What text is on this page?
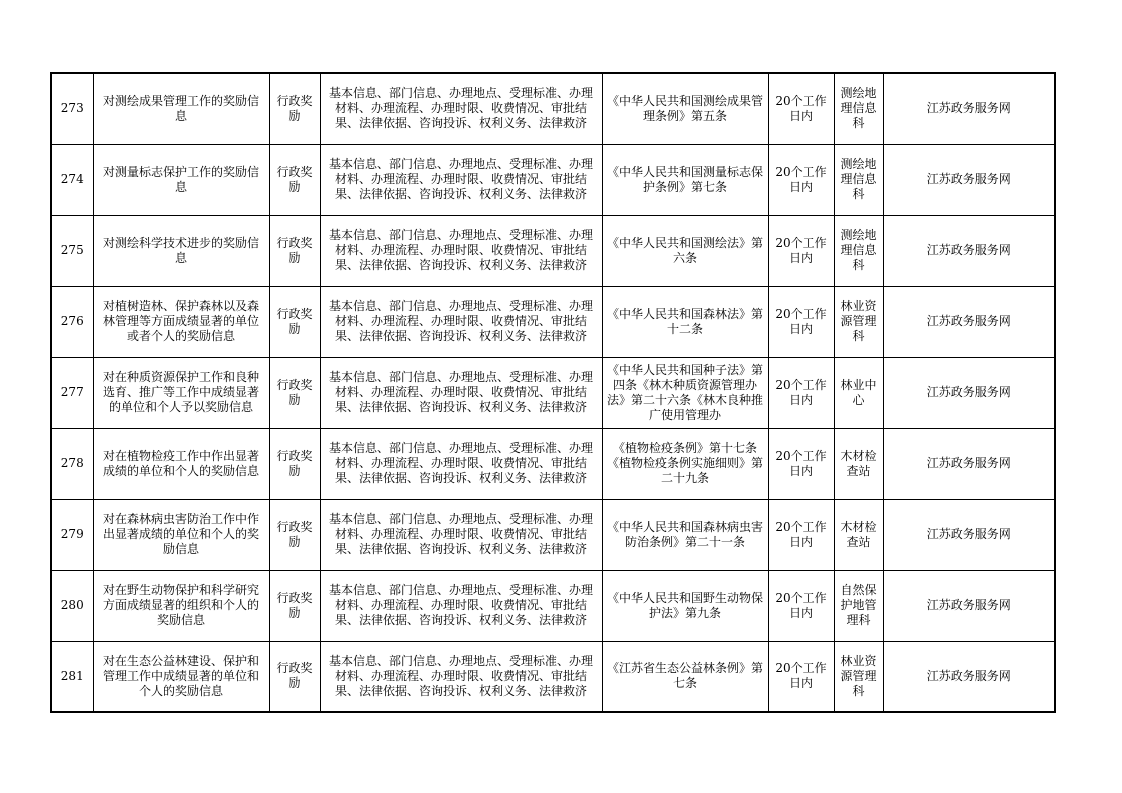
273	对测绘成果管理工作的奖励信息	行政奖励	基本信息、部门信息、办理地点、受理标准、办理材料、办理流程、办理时限、收费情况、审批结果、法律依据、咨询投诉、权利义务、法律救济	《中华人民共和国测绘成果管理条例》第五条	20个工作日内	测绘地理信息科	江苏政务服务网

274	对测量标志保护工作的奖励信息	行政奖励	基本信息、部门信息、办理地点、受理标准、办理材料、办理流程、办理时限、收费情况、审批结果、法律依据、咨询投诉、权利义务、法律救济	《中华人民共和国测量标志保护条例》第七条	20个工作日内	测绘地理信息科	江苏政务服务网

275	对测绘科学技术进步的奖励信息	行政奖励	基本信息、部门信息、办理地点、受理标准、办理材料、办理流程、办理时限、收费情况、审批结果、法律依据、咨询投诉、权利义务、法律救济	《中华人民共和国测绘法》第六条	20个工作日内	测绘地理信息科	江苏政务服务网

276	对植树造林、保护森林以及森林管理等方面成绩显著的单位或者个人的奖励信息	行政奖励	基本信息、部门信息、办理地点、受理标准、办理材料、办理流程、办理时限、收费情况、审批结果、法律依据、咨询投诉、权利义务、法律救济	《中华人民共和国森林法》第十二条	20个工作日内	林业资源管理科	江苏政务服务网

277	对在种质资源保护工作和良种选育、推广等工作中成绩显著的单位和个人予以奖励信息	行政奖励	基本信息、部门信息、办理地点、受理标准、办理材料、办理流程、办理时限、收费情况、审批结果、法律依据、咨询投诉、权利义务、法律救济	《中华人民共和国种子法》第四条《林木种质资源管理办法》第二十六条《林木良种推广使用管理办	20个工作日内	林业中心	江苏政务服务网

278	对在植物检疫工作中作出显著成绩的单位和个人的奖励信息	行政奖励	基本信息、部门信息、办理地点、受理标准、办理材料、办理流程、办理时限、收费情况、审批结果、法律依据、咨询投诉、权利义务、法律救济	《植物检疫条例》第十七条《植物检疫条例实施细则》第二十九条	20个工作日内	木材检查站	江苏政务服务网

279	对在森林病虫害防治工作中作出显著成绩的单位和个人的奖励信息	行政奖励	基本信息、部门信息、办理地点、受理标准、办理材料、办理流程、办理时限、收费情况、审批结果、法律依据、咨询投诉、权利义务、法律救济	《中华人民共和国森林病虫害防治条例》第二十一条	20个工作日内	木材检查站	江苏政务服务网

280	对在野生动物保护和科学研究方面成绩显著的组织和个人的奖励信息	行政奖励	基本信息、部门信息、办理地点、受理标准、办理材料、办理流程、办理时限、收费情况、审批结果、法律依据、咨询投诉、权利义务、法律救济	《中华人民共和国野生动物保护法》第九条	20个工作日内	自然保护地管理科	江苏政务服务网

281	对在生态公益林建设、保护和管理工作中成绩显著的单位和个人的奖励信息	行政奖励	基本信息、部门信息、办理地点、受理标准、办理材料、办理流程、办理时限、收费情况、审批结果、法律依据、咨询投诉、权利义务、法律救济	《江苏省生态公益林条例》第七条	20个工作日内	林业资源管理科	江苏政务服务网
